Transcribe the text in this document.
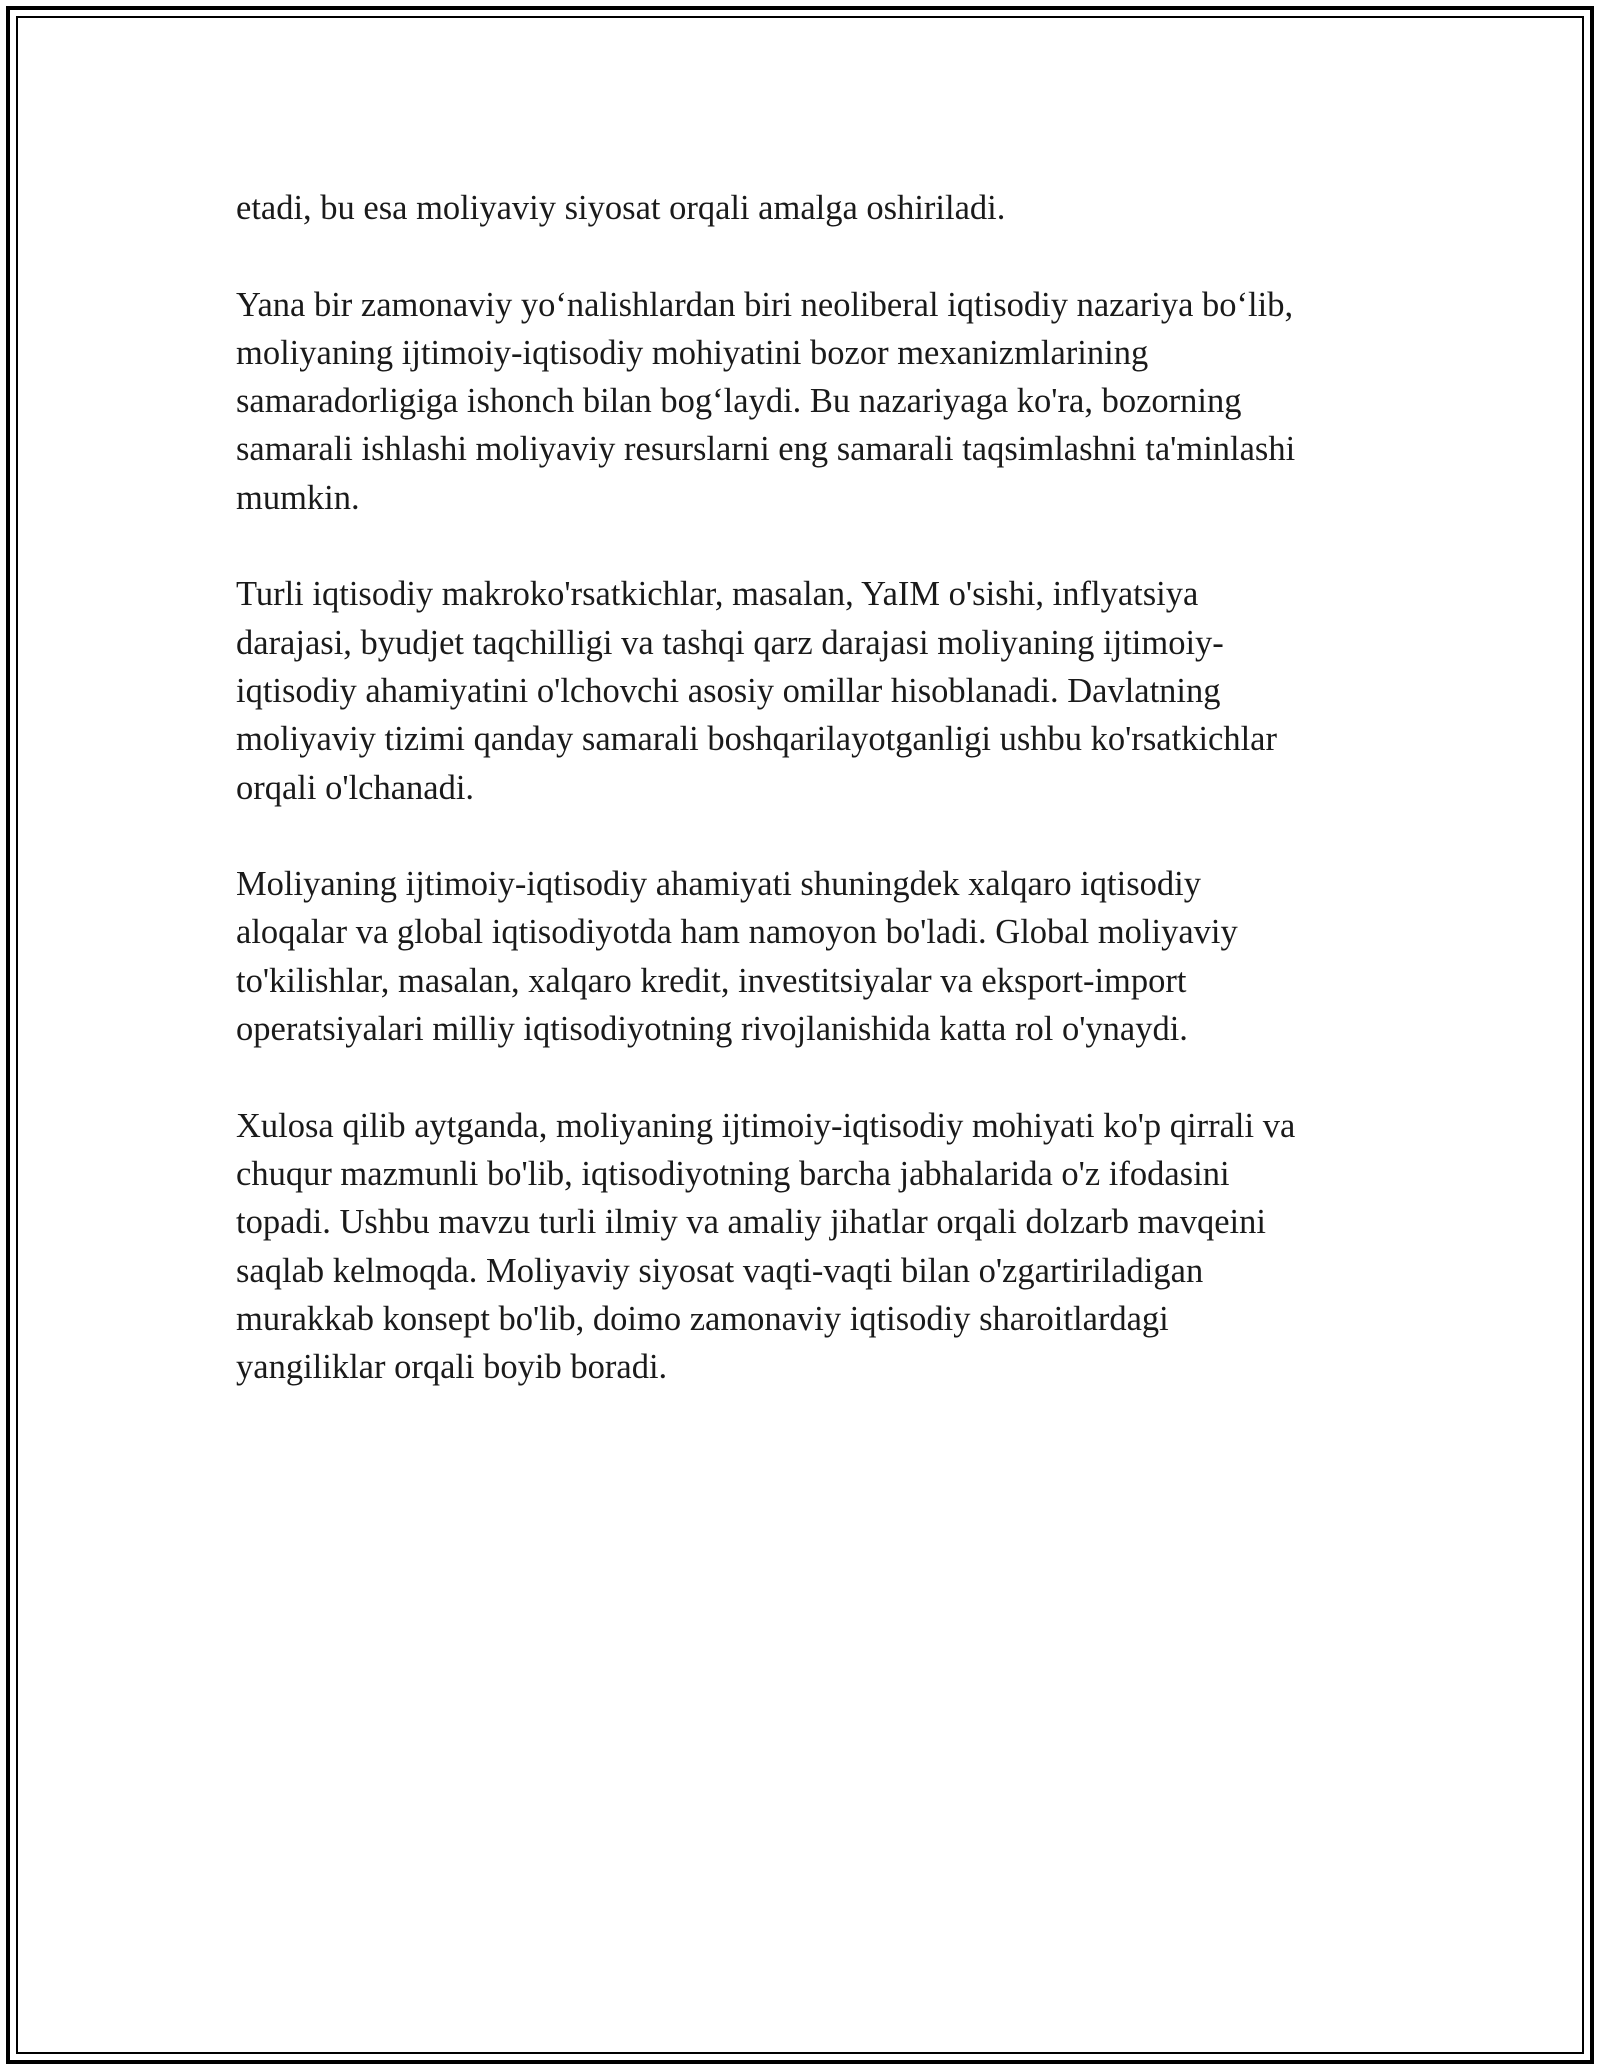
etadi, bu esa moliyaviy siyosat orqali amalga oshiriladi.

Yana bir zamonaviy yo‘nalishlardan biri neoliberal iqtisodiy nazariya bo‘lib,
moliyaning ijtimoiy-iqtisodiy mohiyatini bozor mexanizmlarining
samaradorligiga ishonch bilan bog‘laydi. Bu nazariyaga ko'ra, bozorning
samarali ishlashi moliyaviy resurslarni eng samarali taqsimlashni ta'minlashi
mumkin.

Turli iqtisodiy makroko'rsatkichlar, masalan, YaIM o'sishi, inflyatsiya
darajasi, byudjet taqchilligi va tashqi qarz darajasi moliyaning ijtimoiy-
iqtisodiy ahamiyatini o'lchovchi asosiy omillar hisoblanadi. Davlatning
moliyaviy tizimi qanday samarali boshqarilayotganligi ushbu ko'rsatkichlar
orqali o'lchanadi.

Moliyaning ijtimoiy-iqtisodiy ahamiyati shuningdek xalqaro iqtisodiy
aloqalar va global iqtisodiyotda ham namoyon bo'ladi. Global moliyaviy
to'kilishlar, masalan, xalqaro kredit, investitsiyalar va eksport-import
operatsiyalari milliy iqtisodiyotning rivojlanishida katta rol o'ynaydi.

Xulosa qilib aytganda, moliyaning ijtimoiy-iqtisodiy mohiyati ko'p qirrali va
chuqur mazmunli bo'lib, iqtisodiyotning barcha jabhalarida o'z ifodasini
topadi. Ushbu mavzu turli ilmiy va amaliy jihatlar orqali dolzarb mavqeini
saqlab kelmoqda. Moliyaviy siyosat vaqti-vaqti bilan o'zgartiriladigan
murakkab konsept bo'lib, doimo zamonaviy iqtisodiy sharoitlardagi
yangiliklar orqali boyib boradi.
